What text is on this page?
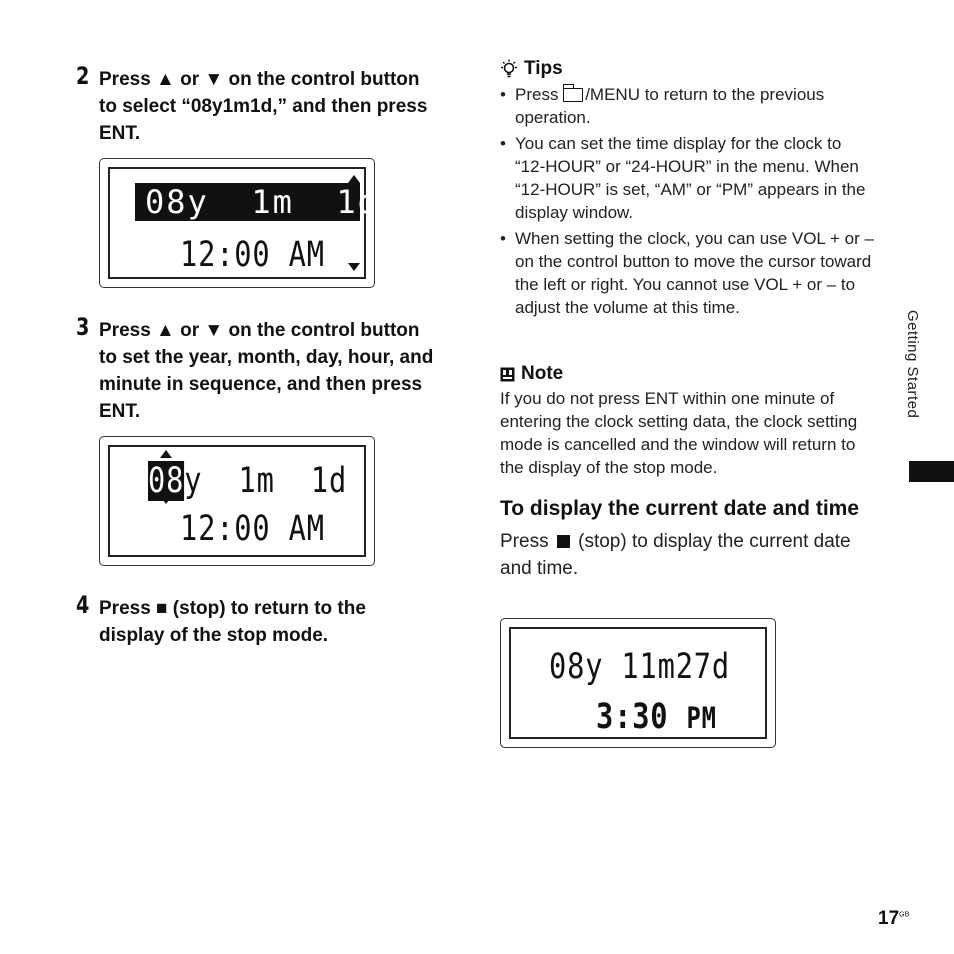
2 Press ▲ or ▼ on the control button to select “08y1m1d,” and then press ENT.
08y  1m  1d
12:00 AM
3 Press ▲ or ▼ on the control button to set the year, month, day, hour, and minute in sequence, and then press ENT.
08y  1m  1d
12:00 AM
4 Press ■ (stop) to return to the display of the stop mode.
Tips
• Press /MENU to return to the previous operation.
• You can set the time display for the clock to “12-HOUR” or “24-HOUR” in the menu. When “12-HOUR” is set, “AM” or “PM” appears in the display window.
• When setting the clock, you can use VOL + or – on the control button to move the cursor toward the left or right. You cannot use VOL + or – to adjust the volume at this time.
Note
If you do not press ENT within one minute of entering the clock setting data, the clock setting mode is cancelled and the window will return to the display of the stop mode.
To display the current date and time
Press  (stop) to display the current date and time.
08y 11m27d
3:30 PM
Getting Started
$17^{GB}$
